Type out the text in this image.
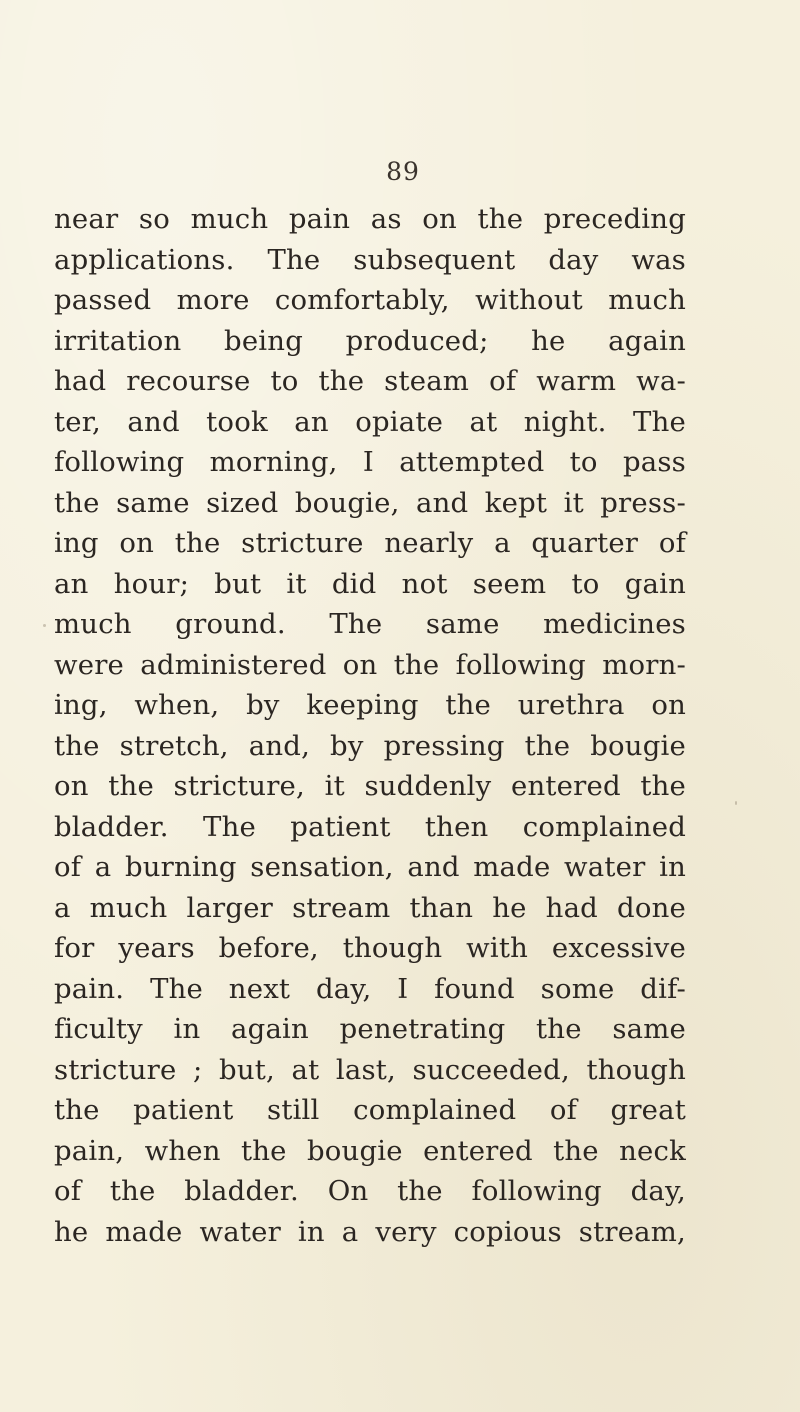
89
near so much pain as on the preceding
applications. The subsequent day was
passed more comfortably, without much
irritation being produced; he again
had recourse to the steam of warm wa-
ter, and took an opiate at night. The
following morning, I attempted to pass
the same sized bougie, and kept it press-
ing on the stricture nearly a quarter of
an hour; but it did not seem to gain
much ground. The same medicines
were administered on the following morn-
ing, when, by keeping the urethra on
the stretch, and, by pressing the bougie
on the stricture, it suddenly entered the
bladder. The patient then complained
of a burning sensation, and made water in
a much larger stream than he had done
for years before, though with excessive
pain. The next day, I found some dif-
ficulty in again penetrating the same
stricture ; but, at last, succeeded, though
the patient still complained of great
pain, when the bougie entered the neck
of the bladder. On the following day,
he made water in a very copious stream,
